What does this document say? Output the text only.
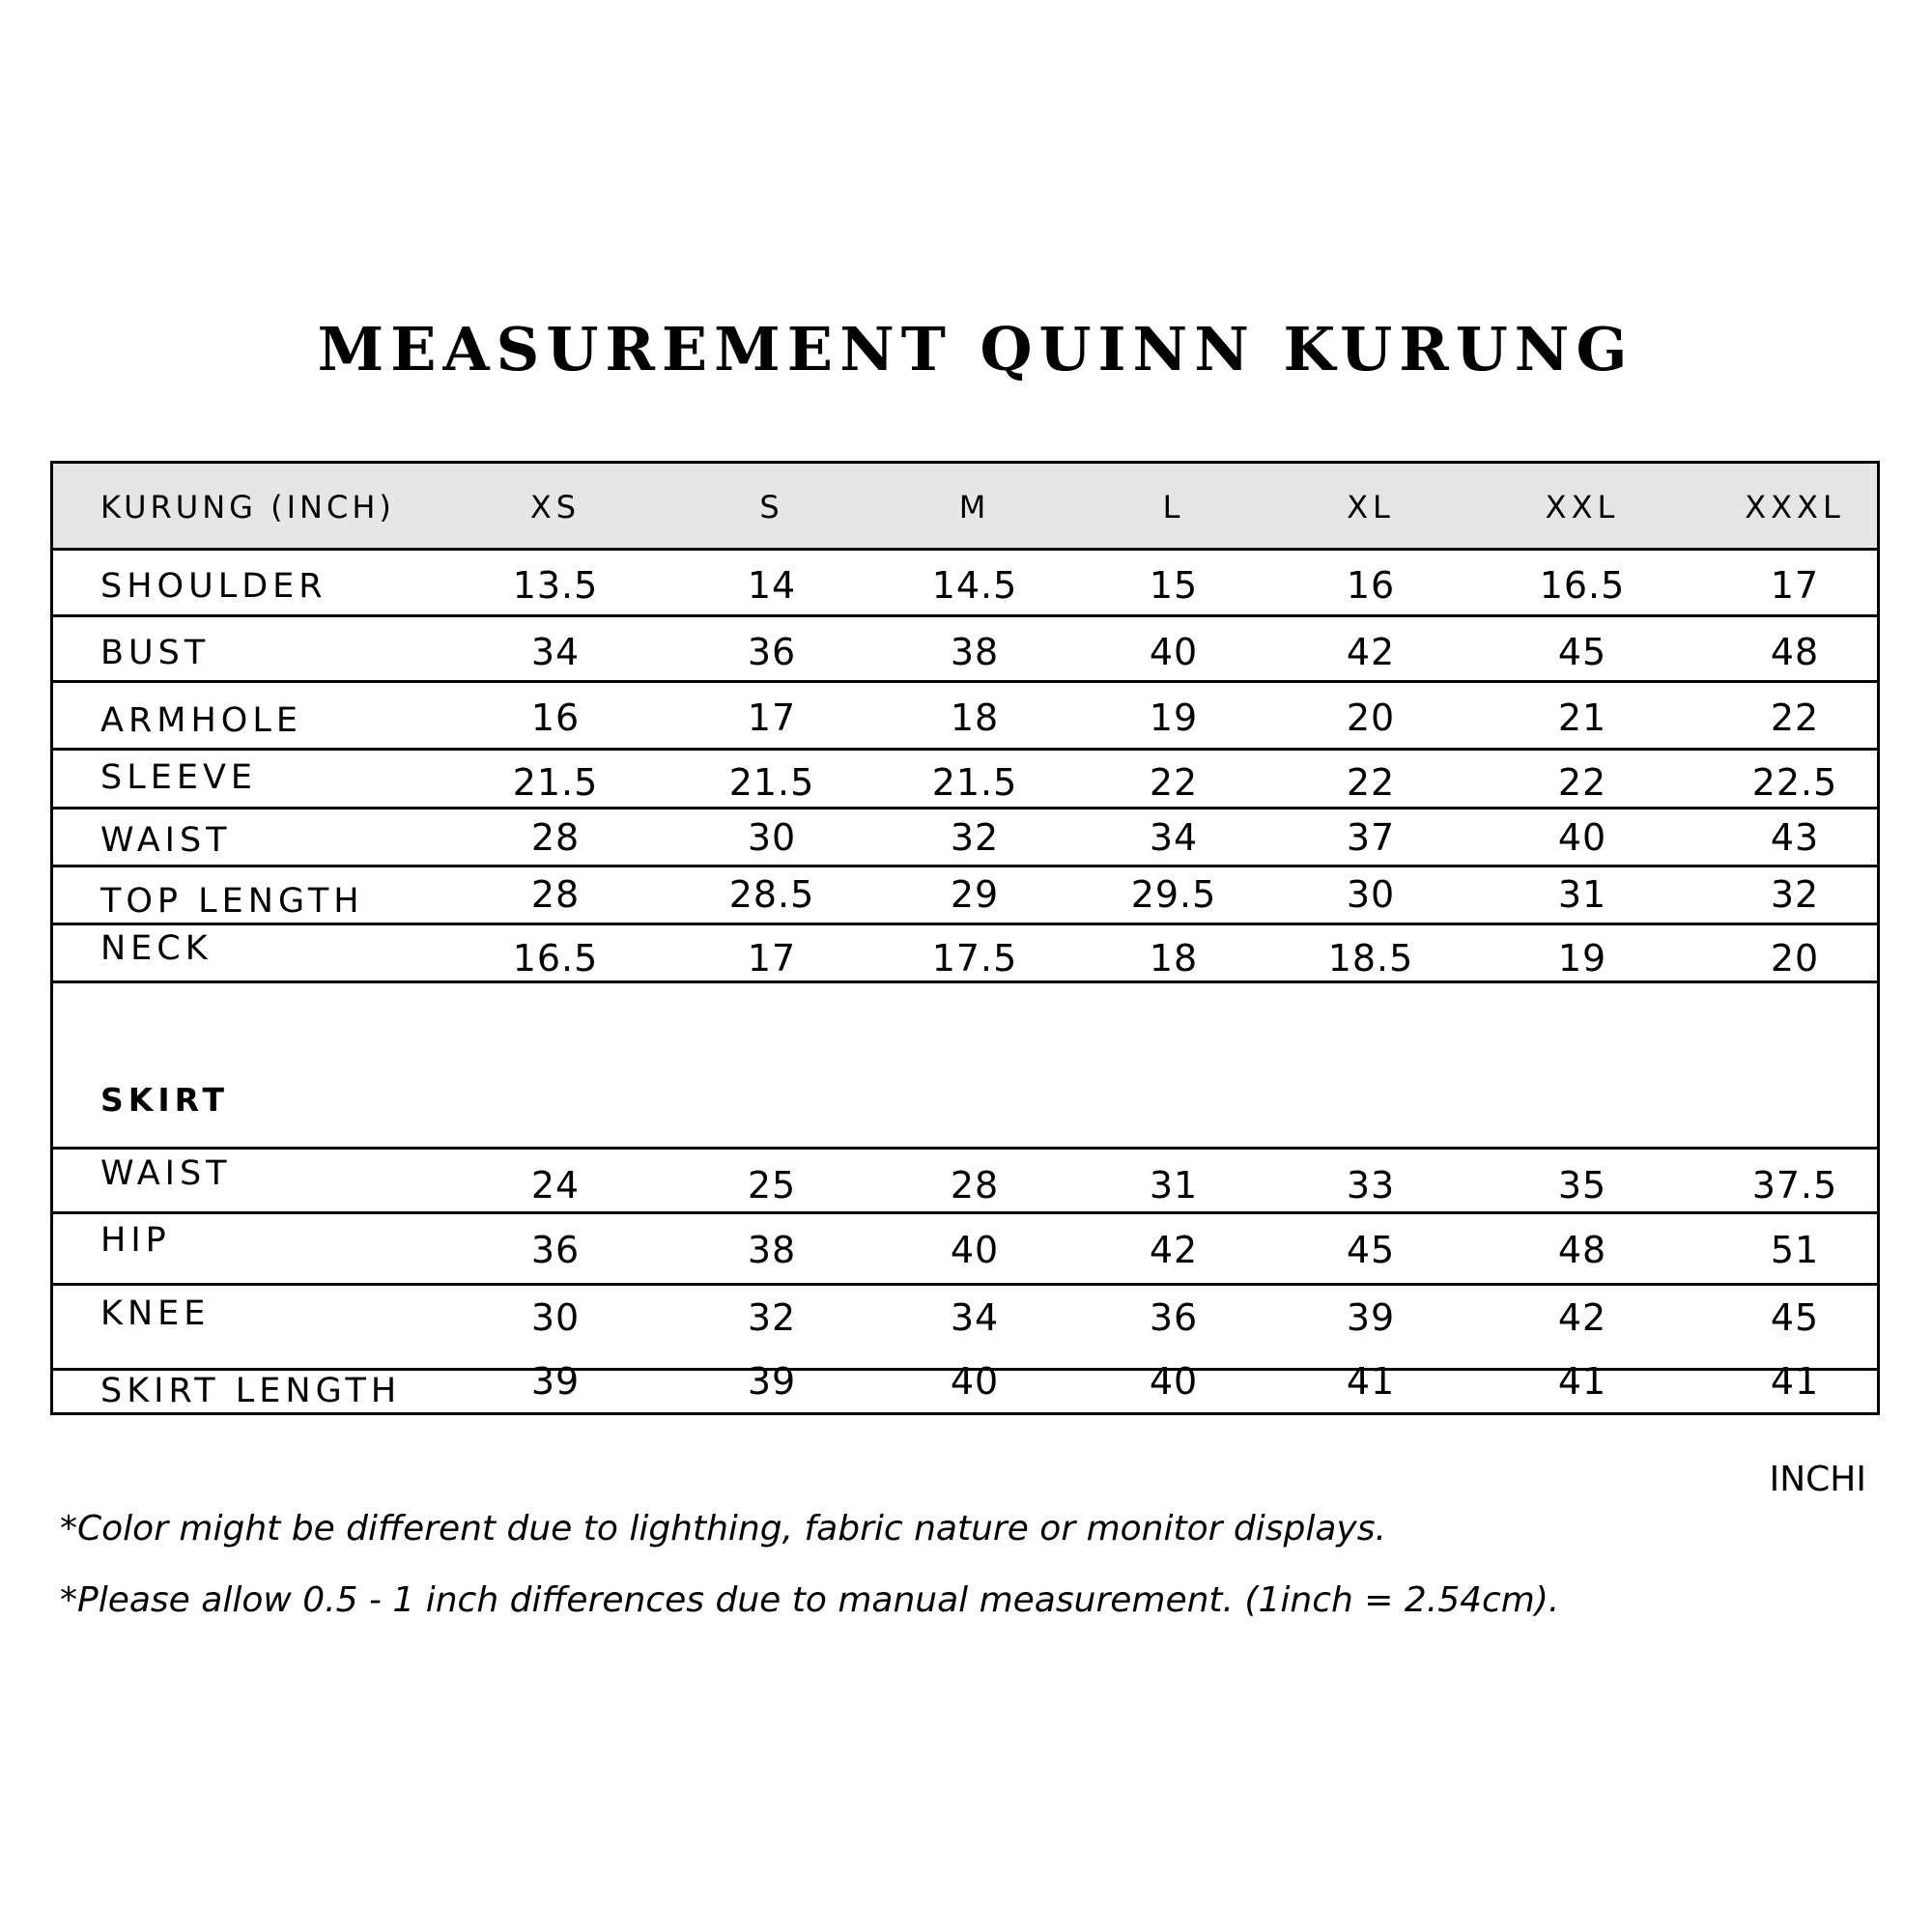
MEASUREMENT QUINN KURUNG
KURUNG (INCH)	XS	S	M	L	XL	XXL	XXXL
SHOULDER	13.5	14	14.5	15	16	16.5	17
BUST	34	36	38	40	42	45	48
ARMHOLE	16	17	18	19	20	21	22
SLEEVE	21.5	21.5	21.5	22	22	22	22.5
WAIST	28	30	32	34	37	40	43
TOP LENGTH	28	28.5	29	29.5	30	31	32
NECK	16.5	17	17.5	18	18.5	19	20
SKIRT
WAIST	24	25	28	31	33	35	37.5
HIP	36	38	40	42	45	48	51
KNEE	30	32	34	36	39	42	45
SKIRT LENGTH	39	39	40	40	41	41	41

INCHI

*Color might be different due to lighthing, fabric nature or monitor displays.

*Please allow 0.5 - 1 inch differences due to manual measurement. (1inch = 2.54cm).
